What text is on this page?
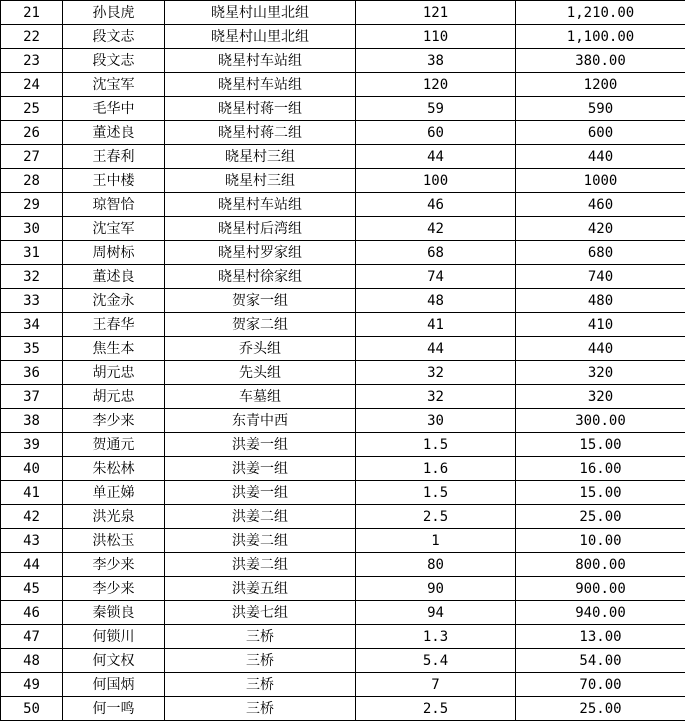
21	孙艮虎	晓星村山里北组	121	1,210.00
22	段文志	晓星村山里北组	110	1,100.00
23	段文志	晓星村车站组	38	380.00
24	沈宝军	晓星村车站组	120	1200
25	毛华中	晓星村蒋一组	59	590
26	董述良	晓星村蒋二组	60	600
27	王春利	晓星村三组	44	440
28	王中楼	晓星村三组	100	1000
29	琼智恰	晓星村车站组	46	460
30	沈宝军	晓星村后湾组	42	420
31	周树标	晓星村罗家组	68	680
32	董述良	晓星村徐家组	74	740
33	沈金永	贺家一组	48	480
34	王春华	贺家二组	41	410
35	焦生本	乔头组	44	440
36	胡元忠	先头组	32	320
37	胡元忠	车墓组	32	320
38	李少来	东青中西	30	300.00
39	贺通元	洪姜一组	1.5	15.00
40	朱松林	洪姜一组	1.6	16.00
41	单正娣	洪姜一组	1.5	15.00
42	洪光泉	洪姜二组	2.5	25.00
43	洪松玉	洪姜二组	1	10.00
44	李少来	洪姜二组	80	800.00
45	李少来	洪姜五组	90	900.00
46	秦锁良	洪姜七组	94	940.00
47	何锁川	三桥	1.3	13.00
48	何文权	三桥	5.4	54.00
49	何国炳	三桥	7	70.00
50	何一鸣	三桥	2.5	25.00
